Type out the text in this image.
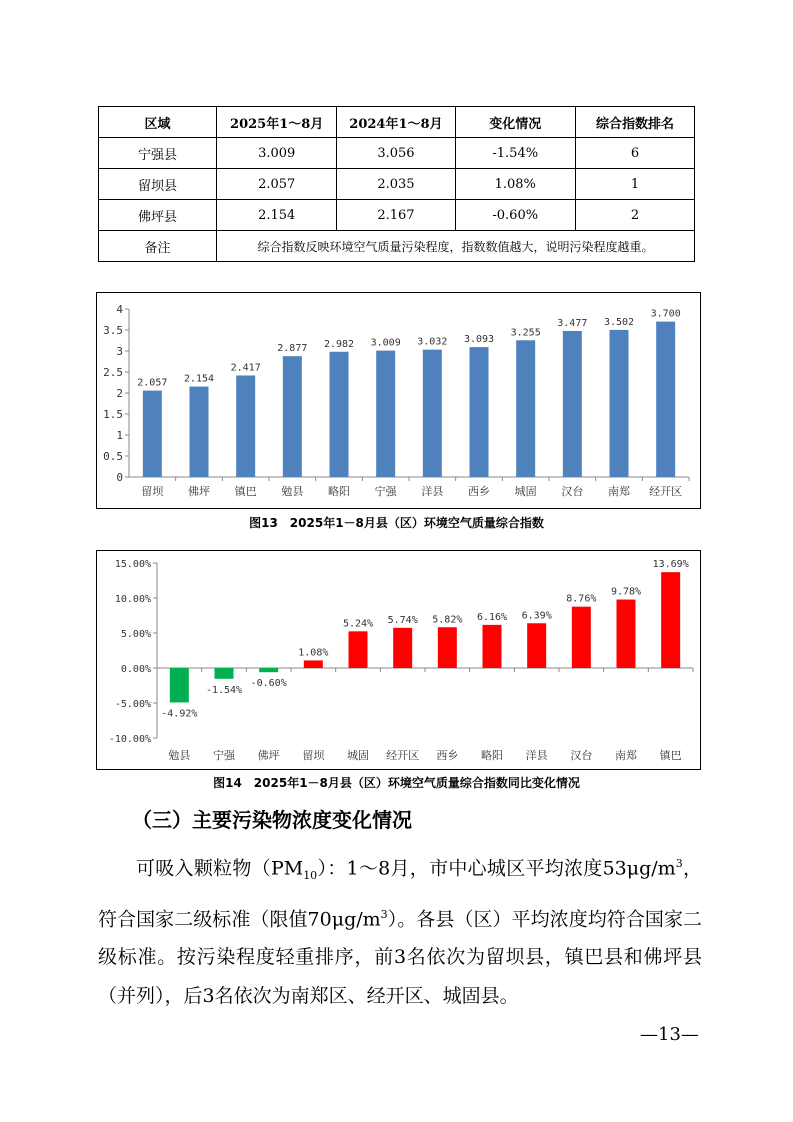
区域	2025年1～8月	2024年1～8月	变化情况	综合指数排名
宁强县	3.009	3.056	-1.54%	6
留坝县	2.057	2.035	1.08%	1
佛坪县	2.154	2.167	-0.60%	2
备注	综合指数反映环境空气质量污染程度，指数数值越大，说明污染程度越重。			
0
0.5
1
1.5
2
2.5
3
3.5
4
2.057
留坝
2.154
佛坪
2.417
镇巴
2.877
勉县
2.982
略阳
3.009
宁强
3.032
洋县
3.093
西乡
3.255
城固
3.477
汉台
3.502
南郑
3.700
经开区
图13　2025年1－8月县（区）环境空气质量综合指数
-10.00%
-5.00%
0.00%
5.00%
10.00%
15.00%
-4.92%
勉县
-1.54%
宁强
-0.60%
佛坪
1.08%
留坝
5.24%
城固
5.74%
经开区
5.82%
西乡
6.16%
略阳
6.39%
洋县
8.76%
汉台
9.78%
南郑
13.69%
镇巴
图14　2025年1－8月县（区）环境空气质量综合指数同比变化情况
（三）主要污染物浓度变化情况

可吸入颗粒物$(PM_{10})$：1～8月，市中心城区平均浓度$53\mu g/m^3$，符合国家二级标准（限值$70\mu g/m^3$）。各县（区）平均浓度均符合国家二级标准。按污染程度轻重排序，前3名依次为留坝县，镇巴县和佛坪县（并列），后3名依次为南郑区、经开区、城固县。

—13—
